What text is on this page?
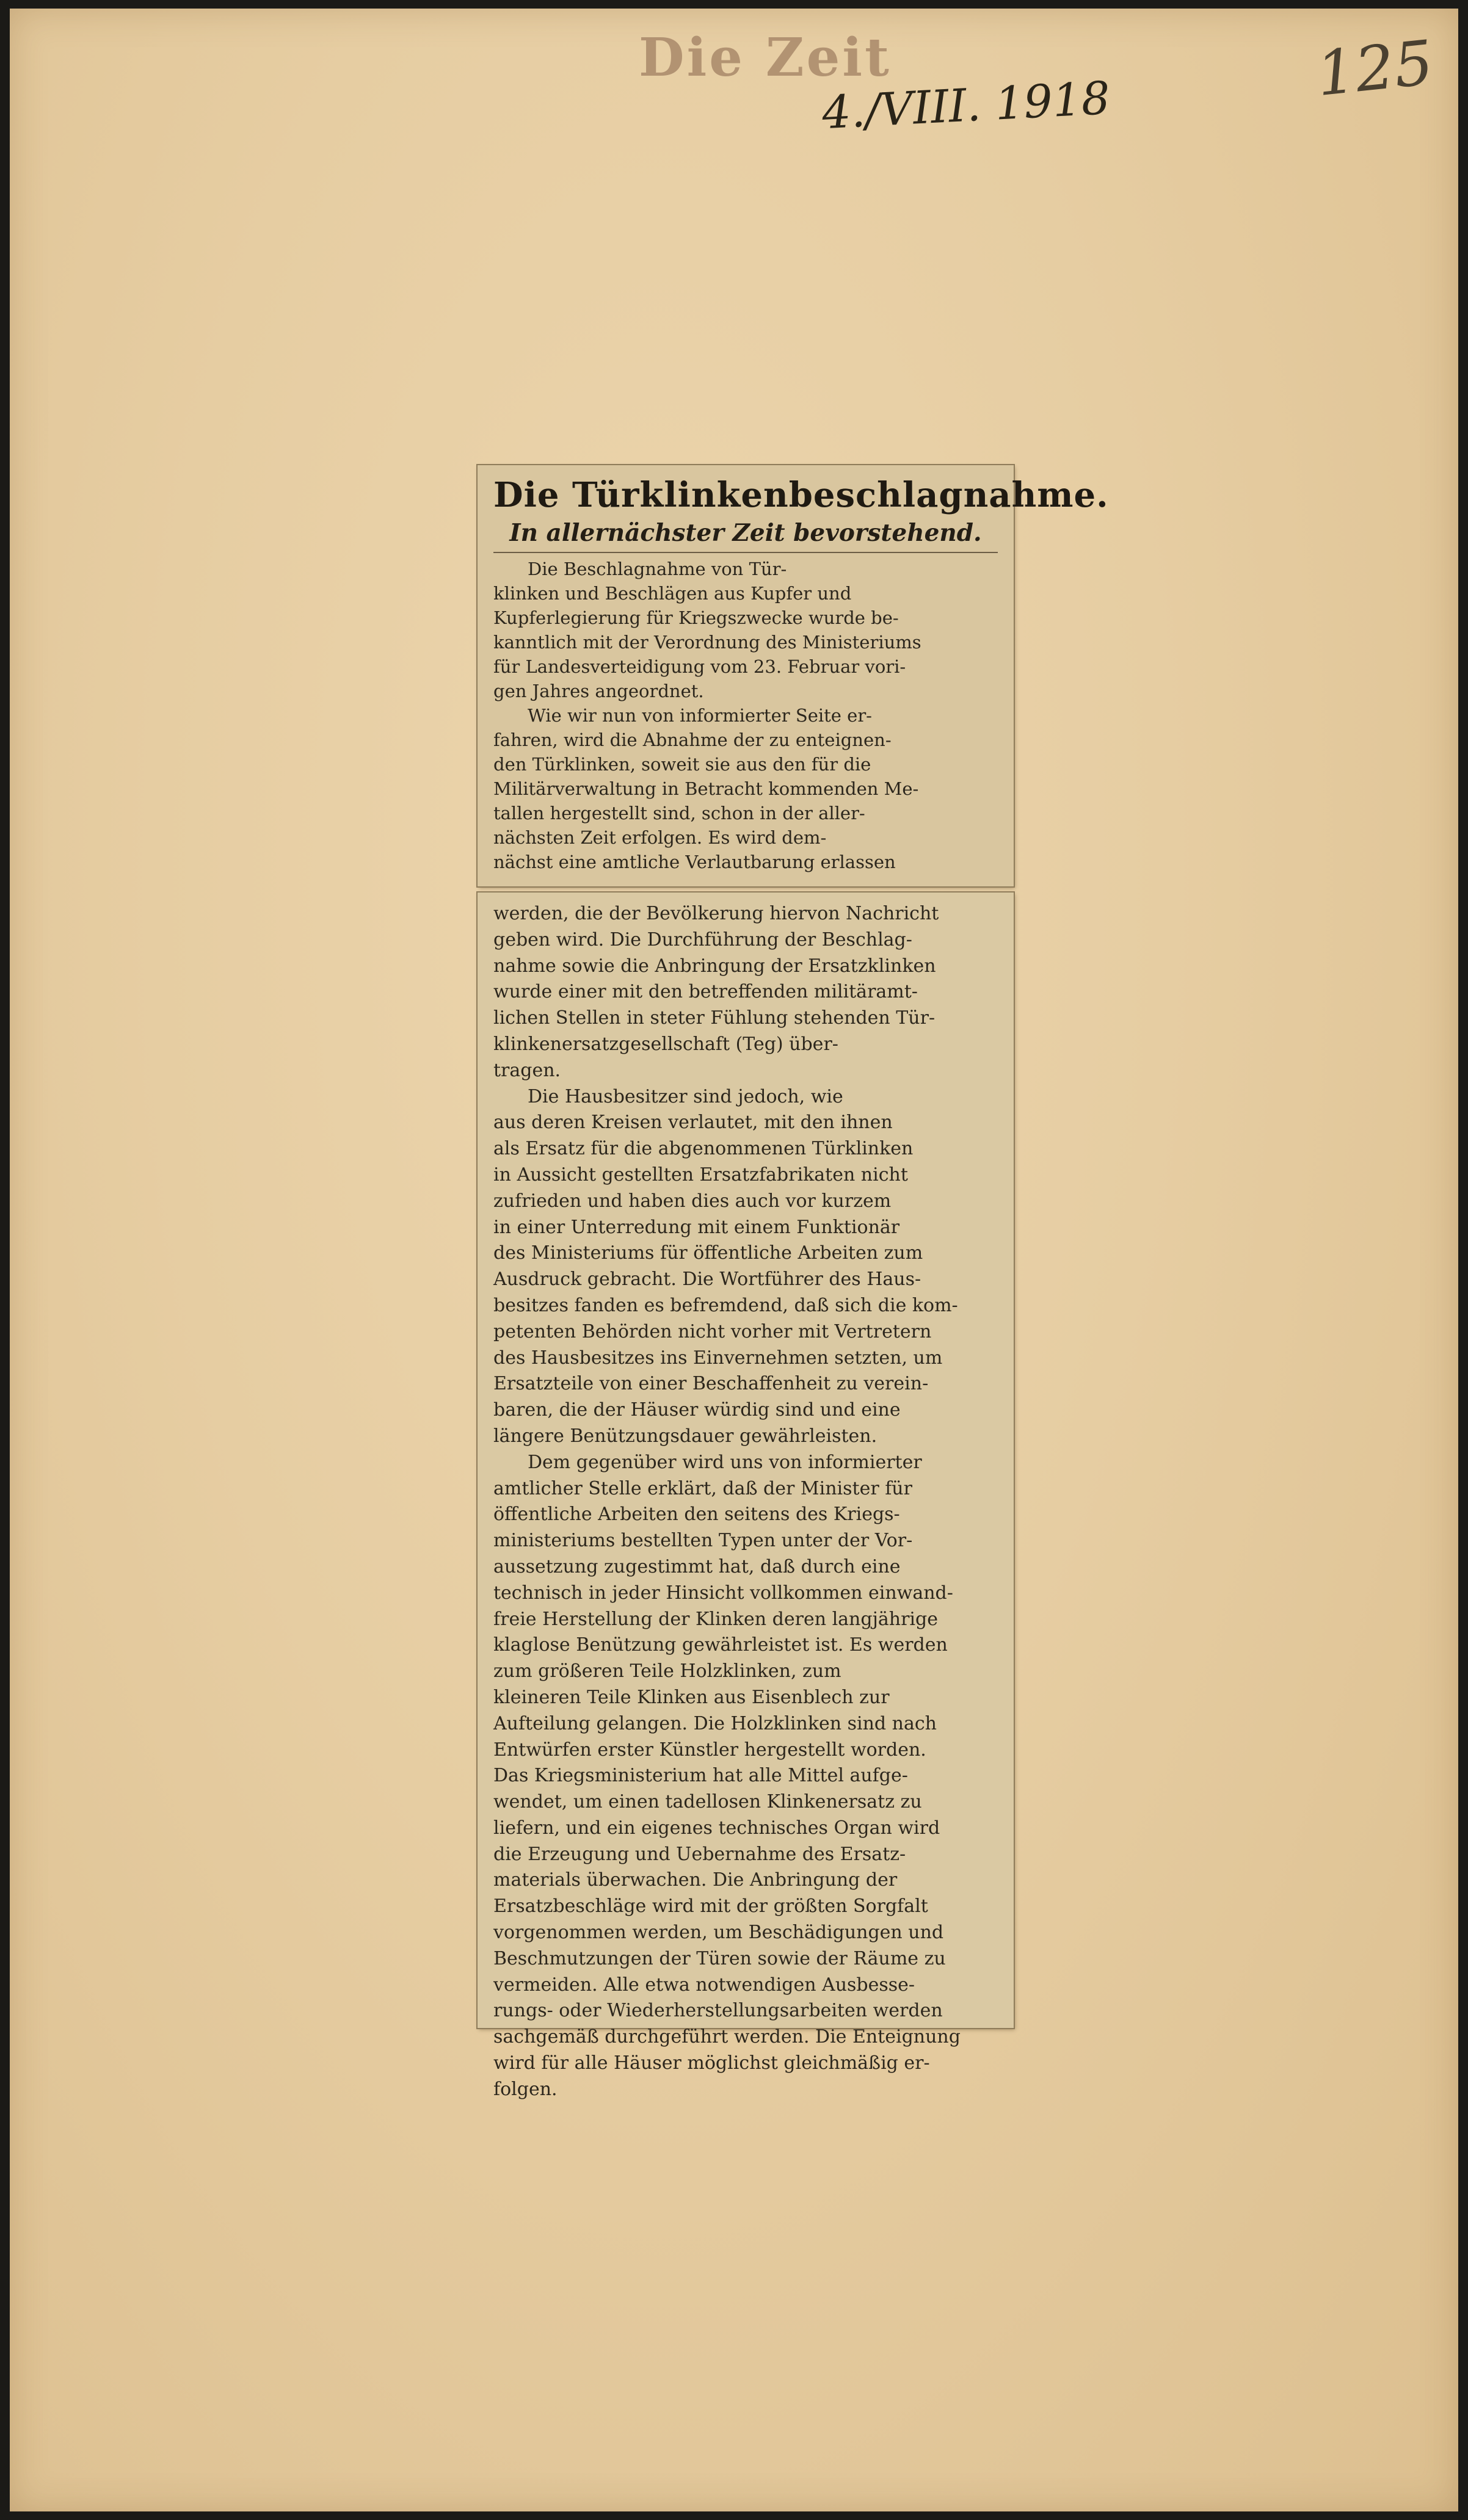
Die Zeit
4./VIII. 1918	125
Die Türklinkenbeschlagnahme.
In allernächster Zeit bevorstehend.
Die Beschlagnahme von Tür-
klinken und Beschlägen aus Kupfer und
Kupferlegierung für Kriegszwecke wurde be-
kanntlich mit der Verordnung des Ministeriums
für Landesverteidigung vom 23. Februar vori-
gen Jahres angeordnet.
Wie wir nun von informierter Seite er-
fahren, wird die Abnahme der zu enteignen-
den Türklinken, soweit sie aus den für die
Militärverwaltung in Betracht kommenden Me-
tallen hergestellt sind, schon in der aller-
nächsten Zeit erfolgen. Es wird dem-
nächst eine amtliche Verlautbarung erlassen
werden, die der Bevölkerung hiervon Nachricht
geben wird. Die Durchführung der Beschlag-
nahme sowie die Anbringung der Ersatzklinken
wurde einer mit den betreffenden militäramt-
lichen Stellen in steter Fühlung stehenden Tür-
klinkenersatzgesellschaft (Teg) über-
tragen.
Die Hausbesitzer sind jedoch, wie
aus deren Kreisen verlautet, mit den ihnen
als Ersatz für die abgenommenen Türklinken
in Aussicht gestellten Ersatzfabrikaten nicht
zufrieden und haben dies auch vor kurzem
in einer Unterredung mit einem Funktionär
des Ministeriums für öffentliche Arbeiten zum
Ausdruck gebracht. Die Wortführer des Haus-
besitzes fanden es befremdend, daß sich die kom-
petenten Behörden nicht vorher mit Vertretern
des Hausbesitzes ins Einvernehmen setzten, um
Ersatzteile von einer Beschaffenheit zu verein-
baren, die der Häuser würdig sind und eine
längere Benützungsdauer gewährleisten.
Dem gegenüber wird uns von informierter
amtlicher Stelle erklärt, daß der Minister für
öffentliche Arbeiten den seitens des Kriegs-
ministeriums bestellten Typen unter der Vor-
aussetzung zugestimmt hat, daß durch eine
technisch in jeder Hinsicht vollkommen einwand-
freie Herstellung der Klinken deren langjährige
klaglose Benützung gewährleistet ist. Es werden
zum größeren Teile Holzklinken, zum
kleineren Teile Klinken aus Eisenblech zur
Aufteilung gelangen. Die Holzklinken sind nach
Entwürfen erster Künstler hergestellt worden.
Das Kriegsministerium hat alle Mittel aufge-
wendet, um einen tadellosen Klinkenersatz zu
liefern, und ein eigenes technisches Organ wird
die Erzeugung und Uebernahme des Ersatz-
materials überwachen. Die Anbringung der
Ersatzbeschläge wird mit der größten Sorgfalt
vorgenommen werden, um Beschädigungen und
Beschmutzungen der Türen sowie der Räume zu
vermeiden. Alle etwa notwendigen Ausbesse-
rungs- oder Wiederherstellungsarbeiten werden
sachgemäß durchgeführt werden. Die Enteignung
wird für alle Häuser möglichst gleichmäßig er-
folgen.
